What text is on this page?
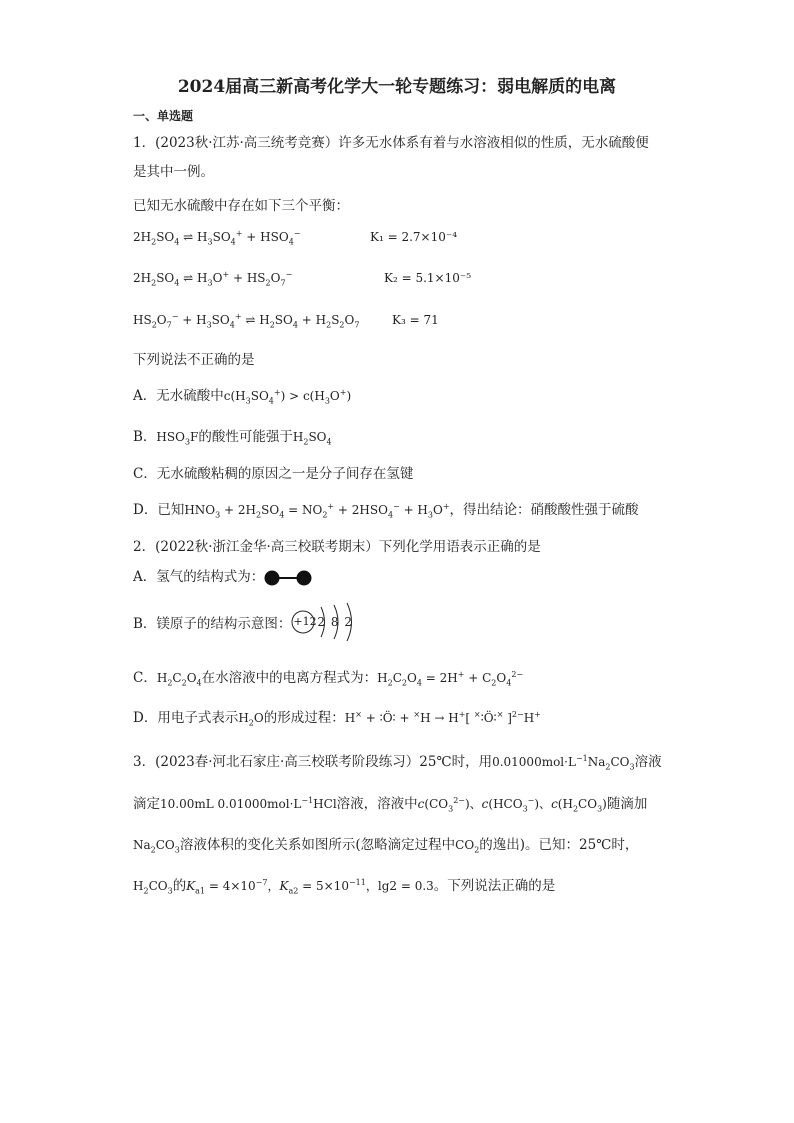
2024届高三新高考化学大一轮专题练习：弱电解质的电离
一、单选题
1．(2023秋·江苏·高三统考竞赛）许多无水体系有着与水溶液相似的性质，无水硫酸便
是其中一例。
已知无水硫酸中存在如下三个平衡：
$2H_2SO_4$ ⇌ $H_3SO_4^+ + HSO_4^-$	K₁ = 2.7×10⁻⁴
$2H_2SO_4$ ⇌ $H_3O^+ + HS_2O_7^-$	K₂ = 5.1×10⁻⁵
$HS_2O_7^- + H_3SO_4^+$ ⇌ $H_2SO_4 + H_2S_2O_7$	K₃ = 71
下列说法不正确的是
A．无水硫酸中$c(H_3SO_4^+) > c(H_3O^+)$
B．$HSO_3F$的酸性可能强于$H_2SO_4$
C．无水硫酸粘稠的原因之一是分子间存在氢键
D．已知$HNO_3 + 2H_2SO_4 = NO_2^+ + 2HSO_4^- + H_3O^+$，得出结论：硝酸酸性强于硫酸
2．(2022秋·浙江金华·高三校联考期末）下列化学用语表示正确的是
A．氢气的结构式为：
B．镁原子的结构示意图： +12 2 8 2
C．$H_2C_2O_4$在水溶液中的电离方程式为：$H_2C_2O_4 = 2H^+ + C_2O_4^{2-}$
D．用电子式表示$H_2O$的形成过程：H× + ∶Ö∶ + ×H → H+[ ×∶Ö∶× ]$^{2-}$H+
3．(2023春·河北石家庄·高三校联考阶段练习）25℃时，用$0.01000mol\cdot L^{-1}Na_2CO_3$溶液
滴定10.00mL $0.01000mol\cdot L^{-1}HCl$溶液，溶液中$c(CO_3^{2-})$、$c(HCO_3^-)$、$c(H_2CO_3)$随滴加
$Na_2CO_3$溶液体积的变化关系如图所示(忽略滴定过程中$CO_2$的逸出)。已知：25℃时，
$H_2CO_3$的$K_{a1} = 4\times 10^{-7}$，$K_{a2} = 5\times 10^{-11}$，lg2 = 0.3。下列说法正确的是
